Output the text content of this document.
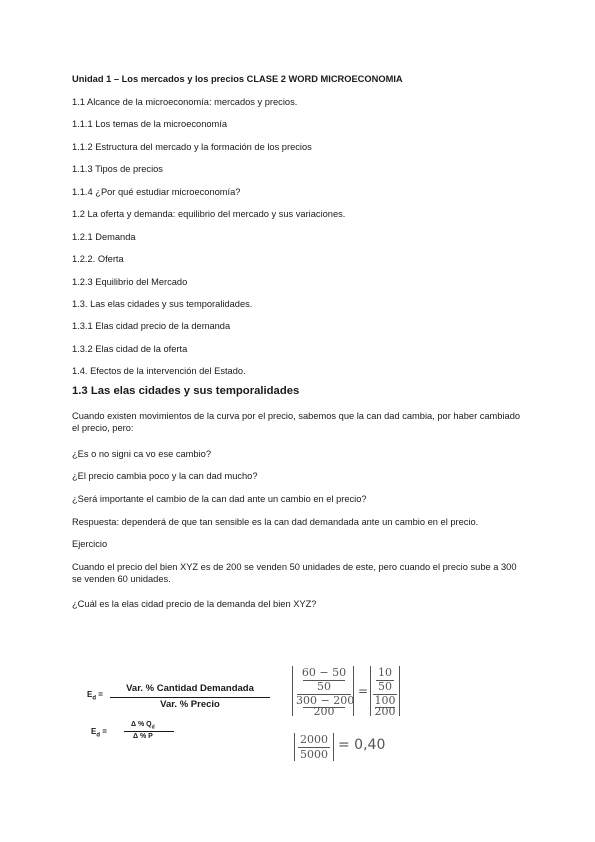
Unidad 1 – Los mercados y los precios CLASE 2 WORD MICROECONOMIA
1.1 Alcance de la microeconomía: mercados y precios.
1.1.1 Los temas de la microeconomía
1.1.2 Estructura del mercado y la formación de los precios
1.1.3 Tipos de precios
1.1.4 ¿Por qué estudiar microeconomía?
1.2 La oferta y demanda: equilibrio del mercado y sus variaciones.
1.2.1 Demanda
1.2.2. Oferta
1.2.3 Equilibrio del Mercado
1.3. Las elas cidades y sus temporalidades.
1.3.1 Elas cidad precio de la demanda
1.3.2 Elas cidad de la oferta
1.4. Efectos de la intervención del Estado.
1.3 Las elas cidades y sus temporalidades
Cuando existen movimientos de la curva por el precio, sabemos que la can dad cambia, por haber cambiado el precio, pero:
¿Es o no signi ca vo ese cambio?
¿El precio cambia poco y la can dad mucho?
¿Será importante el cambio de la can dad ante un cambio en el precio?
Respuesta: dependerá de que tan sensible es la can dad demandada ante un cambio en el precio.
Ejercicio
Cuando el precio del bien XYZ es de 200 se venden 50 unidades de este, pero cuando el precio sube a 300 se venden 60 unidades.
¿Cuál es la elas cidad precio de la demanda del bien XYZ?
$E_d$ =
Var. % Cantidad Demandada
Var. % Precio
$E_d$ =
Δ % $Q_d$
Δ % P
60 − 50
50
300 − 200
200
=
10
50
100
200
2000
5000
= 0,40
